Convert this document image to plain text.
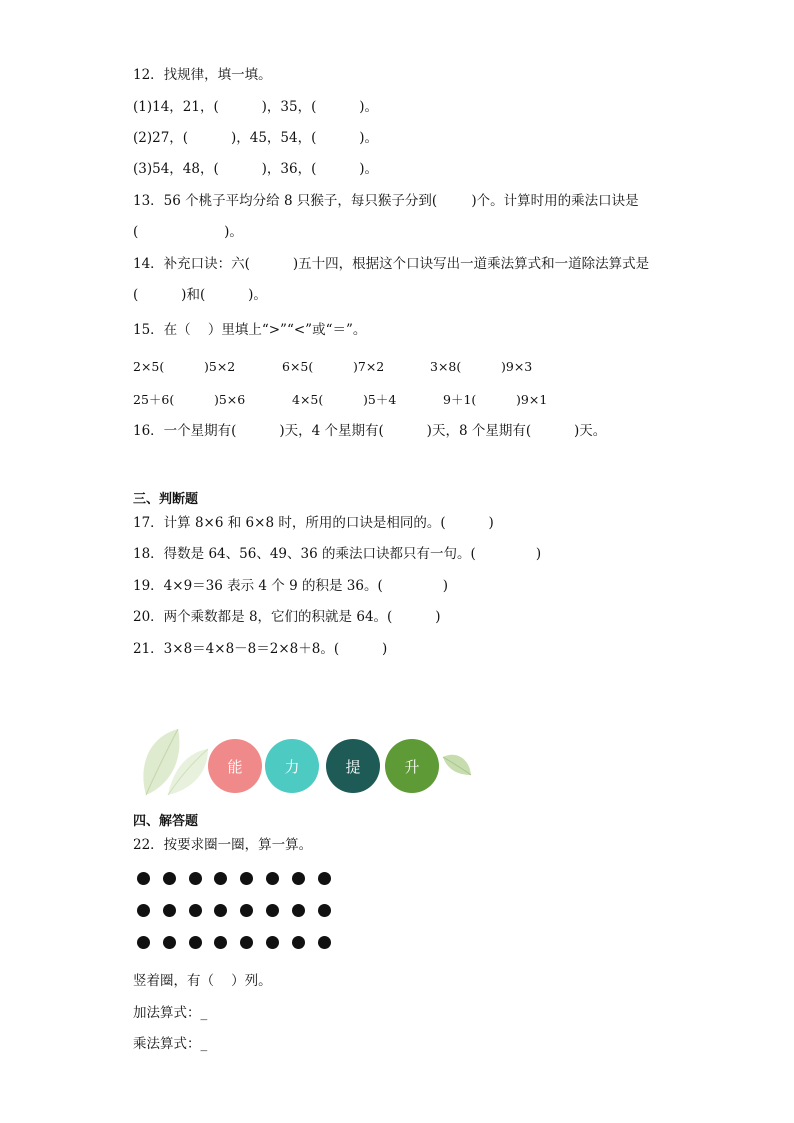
12．找规律，填一填。
(1)14，21，(          )，35，(          )。
(2)27，(          )，45，54，(          )。
(3)54，48，(          )，36，(          )。
13．56 个桃子平均分给 8 只猴子，每只猴子分到(        )个。计算时用的乘法口诀是
(                    )。
14．补充口诀：六(          )五十四，根据这个口诀写出一道乘法算式和一道除法算式是
(          )和(          )。
15．在（    ）里填上“>”“<”或“＝”。
2×5(          )5×2	6×5(          )7×2	3×8(          )9×3
25＋6(          )5×6	4×5(          )5＋4	9＋1(          )9×1
16．一个星期有(          )天，4 个星期有(          )天，8 个星期有(          )天。
三、判断题
17．计算 8×6 和 6×8 时，所用的口诀是相同的。(          )
18．得数是 64、56、49、36 的乘法口诀都只有一句。(              )
19．4×9＝36 表示 4 个 9 的积是 36。(              )
20．两个乘数都是 8，它们的积就是 64。(          )
21．3×8＝4×8－8＝2×8＋8。(          )
能	力	提	升
四、解答题
22．按要求圈一圈，算一算。
竖着圈，有（    ）列。
加法算式：_
乘法算式：_
